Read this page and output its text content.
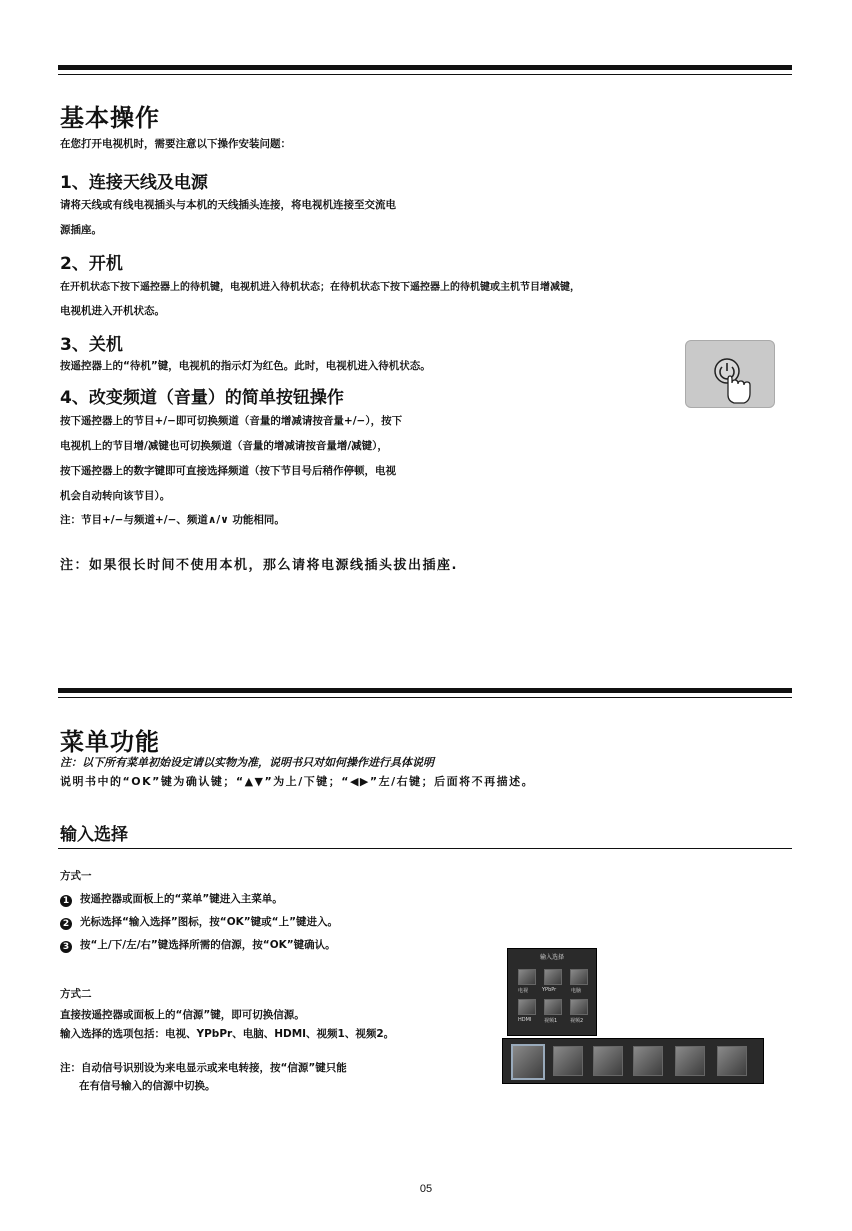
基本操作
在您打开电视机时，需要注意以下操作安装问题：
1、连接天线及电源
请将天线或有线电视插头与本机的天线插头连接，将电视机连接至交流电
源插座。
2、开机
在开机状态下按下遥控器上的待机键，电视机进入待机状态；在待机状态下按下遥控器上的待机键或主机节目增减键，
电视机进入开机状态。
3、关机
按遥控器上的“待机”键，电视机的指示灯为红色。此时，电视机进入待机状态。
4、改变频道（音量）的简单按钮操作
按下遥控器上的节目+/−即可切换频道（音量的增减请按音量+/−），按下
电视机上的节目增/减键也可切换频道（音量的增减请按音量增/减键），
按下遥控器上的数字键即可直接选择频道（按下节目号后稍作停顿，电视
机会自动转向该节目）。
注：节目+/−与频道+/−、频道∧/∨ 功能相同。
注：如果很长时间不使用本机，那么请将电源线插头拔出插座.
菜单功能
注：以下所有菜单初始设定请以实物为准，说明书只对如何操作进行具体说明
说明书中的“OK”键为确认键；“▲▼”为上/下键；“◀▶”左/右键；后面将不再描述。
输入选择
方式一
1 按遥控器或面板上的“菜单”键进入主菜单。
2 光标选择“输入选择”图标，按“OK”键或“上”键进入。
3 按“上/下/左/右”键选择所需的信源，按“OK”键确认。
方式二
直接按遥控器或面板上的“信源”键，即可切换信源。
输入选择的选项包括：电视、YPbPr、电脑、HDMI、视频1、视频2。
注：自动信号识别设为来电显示或来电转接，按“信源”键只能
在有信号输入的信源中切换。
输入选择
电视	YPbPr	电脑
HDMI	视频1	视频2
05
